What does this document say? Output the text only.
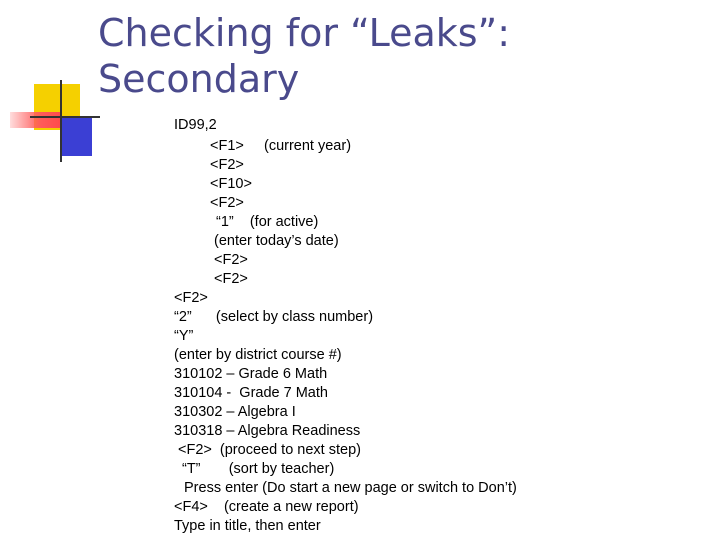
Checking for “Leaks”:
Secondary
ID99,2
<F1>     (current year)
<F2>
<F10>
<F2>
“1”    (for active)
(enter today’s date)
<F2>
<F2>
<F2>
“2”      (select by class number)
“Y”
(enter by district course #)
310102 – Grade 6 Math
310104 -  Grade 7 Math
310302 – Algebra I
310318 – Algebra Readiness
<F2>  (proceed to next step)
“T”       (sort by teacher)
Press enter (Do start a new page or switch to Don’t)
<F4>    (create a new report)
Type in title, then enter
